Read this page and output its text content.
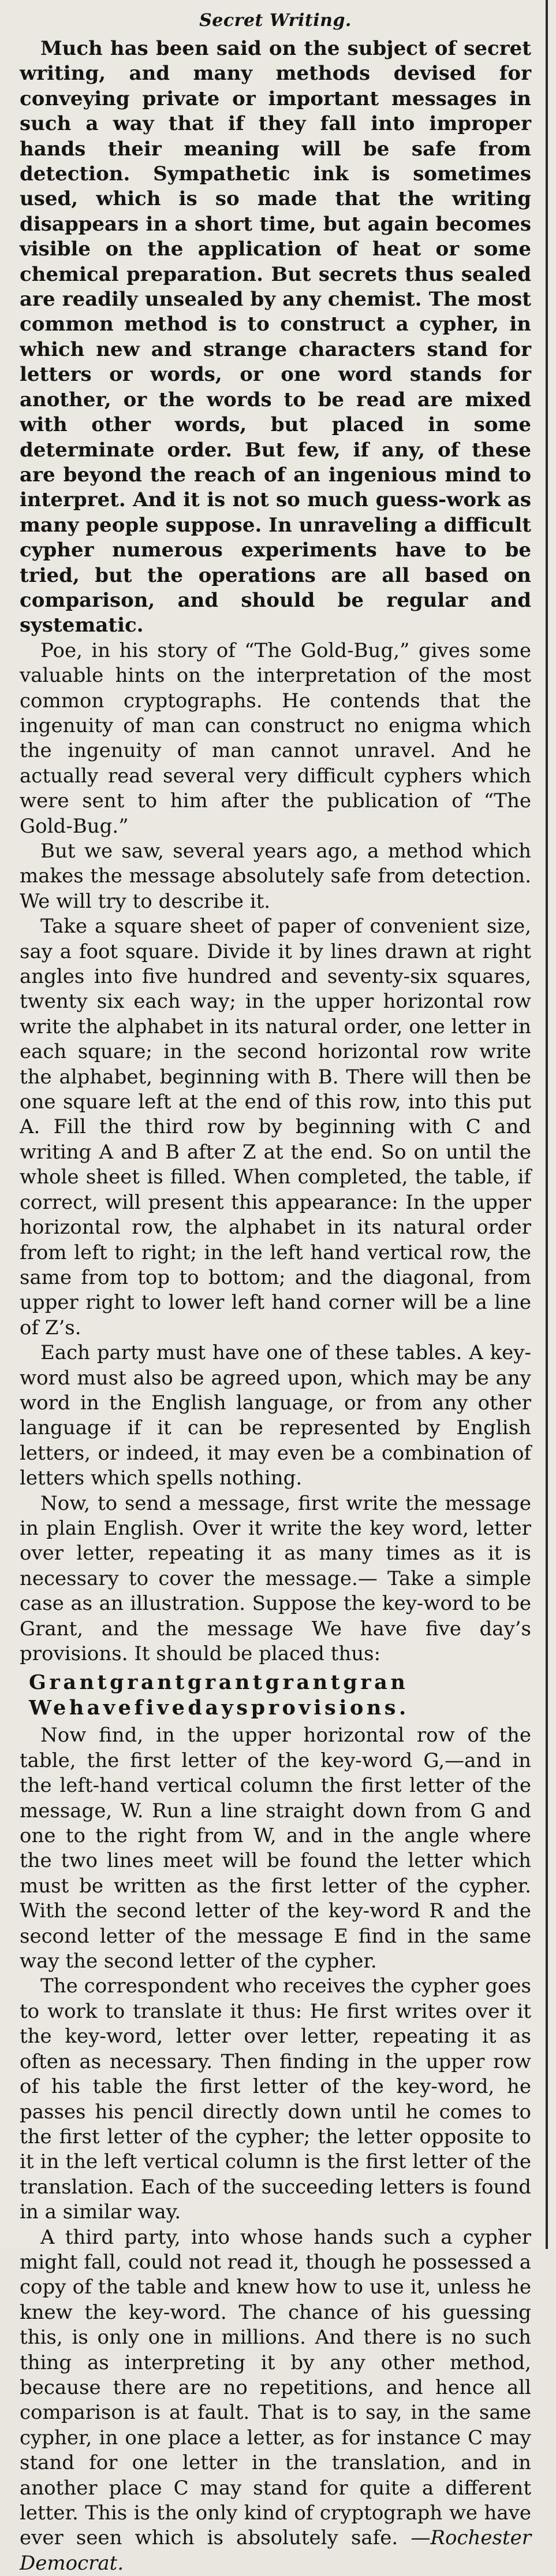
Secret Writing.

Much has been said on the subject of secret writing, and many methods devised for conveying private or important messages in such a way that if they fall into improper hands their meaning will be safe from detection. Sympathetic ink is sometimes used, which is so made that the writing disappears in a short time, but again becomes visible on the application of heat or some chemical preparation. But secrets thus sealed are readily unsealed by any chemist. The most common method is to construct a cypher, in which new and strange characters stand for letters or words, or one word stands for another, or the words to be read are mixed with other words, but placed in some determinate order. But few, if any, of these are beyond the reach of an ingenious mind to interpret. And it is not so much guess-work as many people suppose. In unraveling a difficult cypher numerous experiments have to be tried, but the operations are all based on comparison, and should be regular and systematic.

Poe, in his story of “The Gold-Bug,” gives some valuable hints on the interpretation of the most common cryptographs. He contends that the ingenuity of man can construct no enigma which the ingenuity of man cannot unravel. And he actually read several very difficult cyphers which were sent to him after the publication of “The Gold-Bug.”

But we saw, several years ago, a method which makes the message absolutely safe from detection. We will try to describe it.

Take a square sheet of paper of convenient size, say a foot square. Divide it by lines drawn at right angles into five hundred and seventy-six squares, twenty six each way; in the upper horizontal row write the alphabet in its natural order, one letter in each square; in the second horizontal row write the alphabet, beginning with B. There will then be one square left at the end of this row, into this put A. Fill the third row by beginning with C and writing A and B after Z at the end. So on until the whole sheet is filled. When completed, the table, if correct, will present this appearance: In the upper horizontal row, the alphabet in its natural order from left to right; in the left hand vertical row, the same from top to bottom; and the diagonal, from upper right to lower left hand corner will be a line of Z’s.

Each party must have one of these tables. A key-word must also be agreed upon, which may be any word in the English language, or from any other language if it can be represented by English letters, or indeed, it may even be a combination of letters which spells nothing.

Now, to send a message, first write the message in plain English. Over it write the key word, letter over letter, repeating it as many times as it is necessary to cover the message.— Take a simple case as an illustration. Suppose the key-word to be Grant, and the message We have five day’s provisions. It should be placed thus:

Grantgrantgrantgrantgran

Wehavefivedaysprovisions.

Now find, in the upper horizontal row of the table, the first letter of the key-word G,—and in the left-hand vertical column the first letter of the message, W. Run a line straight down from G and one to the right from W, and in the angle where the two lines meet will be found the letter which must be written as the first letter of the cypher. With the second letter of the key-word R and the second letter of the message E find in the same way the second letter of the cypher.

The correspondent who receives the cypher goes to work to translate it thus: He first writes over it the key-word, letter over letter, repeating it as often as necessary. Then finding in the upper row of his table the first letter of the key-word, he passes his pencil directly down until he comes to the first letter of the cypher; the letter opposite to it in the left vertical column is the first letter of the translation. Each of the succeeding letters is found in a similar way.

A third party, into whose hands such a cypher might fall, could not read it, though he possessed a copy of the table and knew how to use it, unless he knew the key-word. The chance of his guessing this, is only one in millions. And there is no such thing as interpreting it by any other method, because there are no repetitions, and hence all comparison is at fault. That is to say, in the same cypher, in one place a letter, as for instance C may stand for one letter in the translation, and in another place C may stand for quite a different letter. This is the only kind of cryptograph we have ever seen which is absolutely safe. —Rochester Democrat.
